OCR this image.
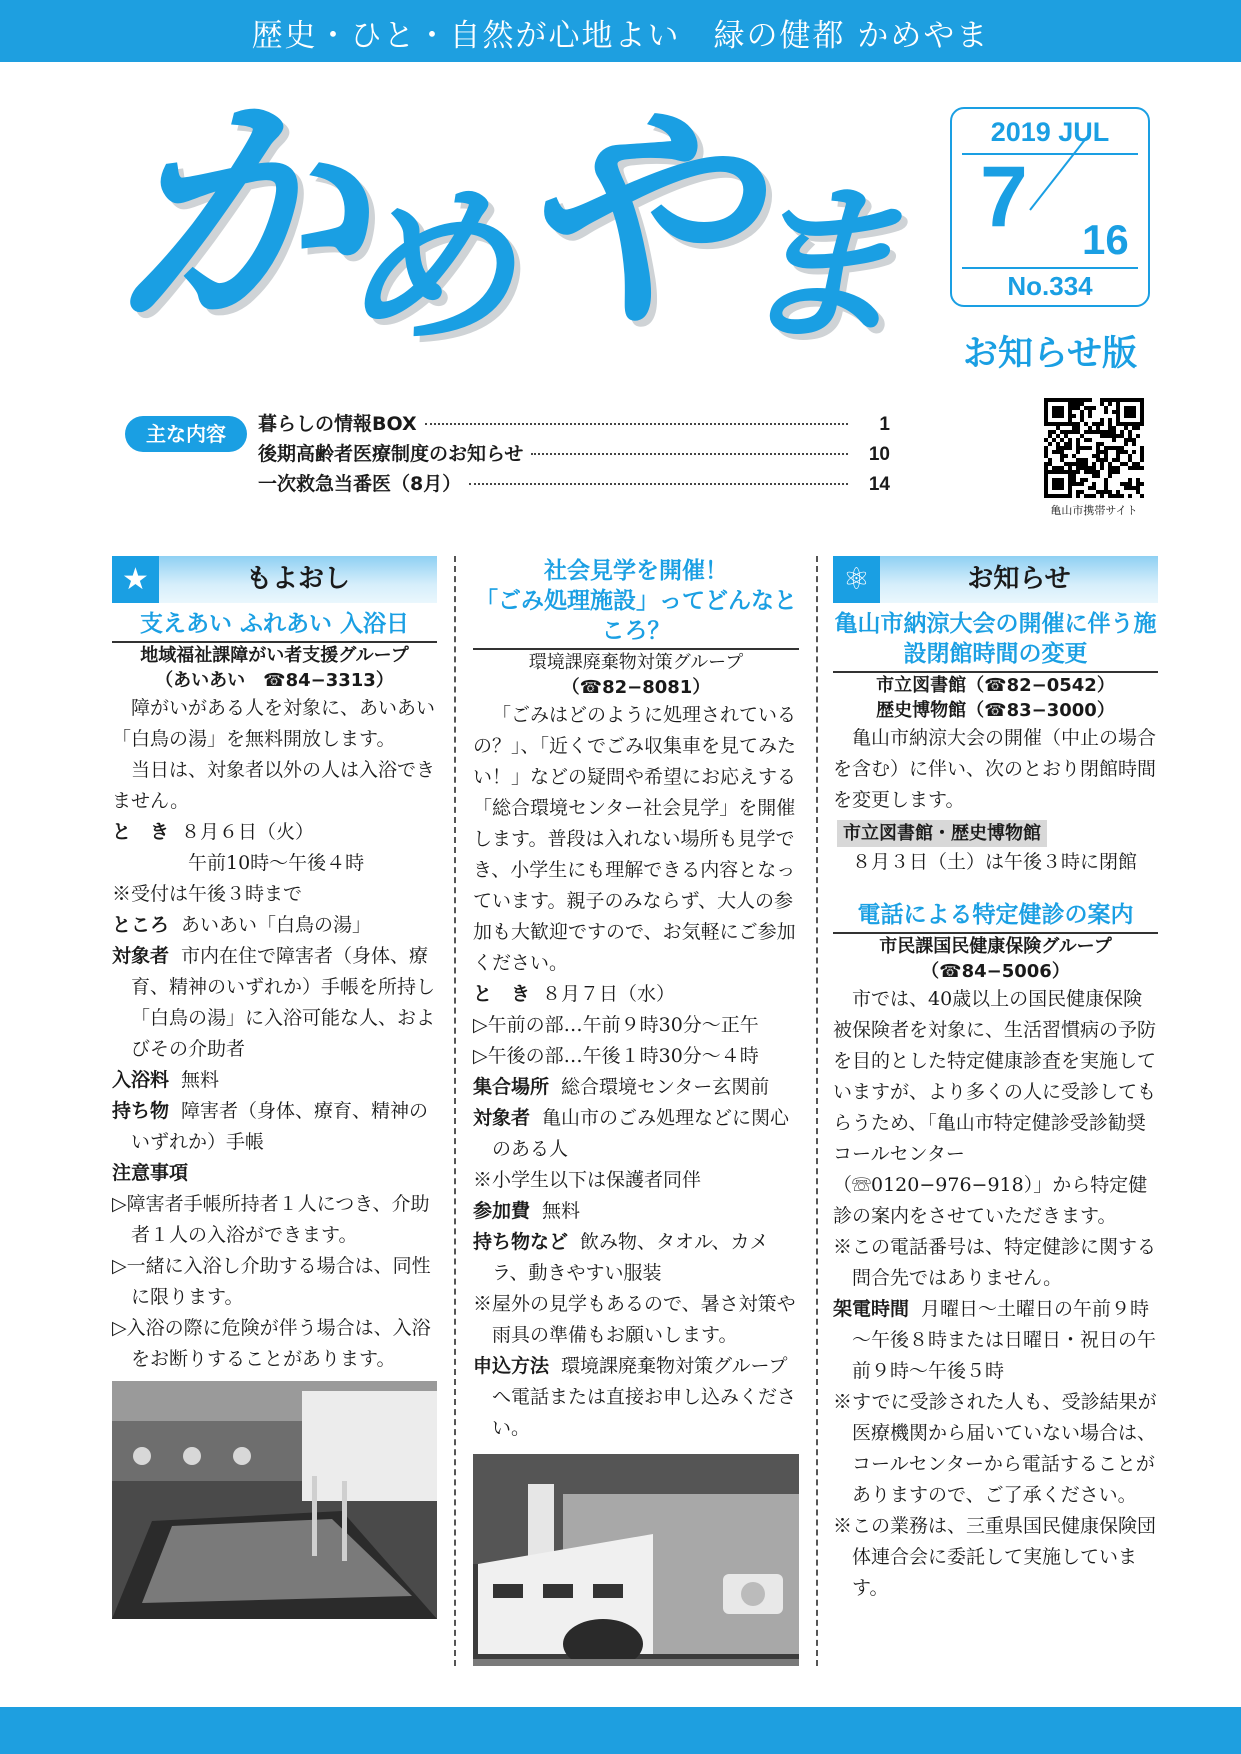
歴史・ひと・自然が心地よい　緑の健都 かめやま
か
め
や
ま
2019 JUL
7 16
No.334
お知らせ版
主な内容	暮らしの情報BOX	1
後期高齢者医療制度のお知らせ	10
一次救急当番医（8月）	14
亀山市携帯サイト
★	もよおし
支えあい ふれあい 入浴日
地域福祉課障がい者支援グループ
（あいあい　☎84−3313）

障がいがある人を対象に、あいあい「白鳥の湯」を無料開放します。

当日は、対象者以外の人は入浴できません。

と　き ８月６日（火）
　　　　午前10時～午後４時
※受付は午後３時まで
ところ あいあい「白鳥の湯」
対象者 市内在住で障害者（身体、療育、精神のいずれか）手帳を所持し「白鳥の湯」に入浴可能な人、およびその介助者
入浴料 無料
持ち物 障害者（身体、療育、精神のいずれか）手帳
注意事項
▷障害者手帳所持者１人につき、介助者１人の入浴ができます。
▷一緒に入浴し介助する場合は、同性に限ります。
▷入浴の際に危険が伴う場合は、入浴をお断りすることがあります。
社会見学を開催！
「ごみ処理施設」ってどんなところ？
環境課廃棄物対策グループ
（☎82−8081）

「ごみはどのように処理されているの？」、「近くでごみ収集車を見てみたい！」などの疑問や希望にお応えする「総合環境センター社会見学」を開催します。普段は入れない場所も見学でき、小学生にも理解できる内容となっています。親子のみならず、大人の参加も大歓迎ですので、お気軽にご参加ください。

と　き ８月７日（水）
▷午前の部…午前９時30分～正午
▷午後の部…午後１時30分～４時
集合場所 総合環境センター玄関前
対象者 亀山市のごみ処理などに関心のある人
※小学生以下は保護者同伴
参加費 無料
持ち物など 飲み物、タオル、カメラ、動きやすい服装
※屋外の見学もあるので、暑さ対策や雨具の準備もお願いします。
申込方法 環境課廃棄物対策グループへ電話または直接お申し込みください。
⚛	お知らせ
亀山市納涼大会の開催に伴う施設閉館時間の変更
市立図書館（☎82−0542）
歴史博物館（☎83−3000）

亀山市納涼大会の開催（中止の場合を含む）に伴い、次のとおり閉館時間を変更します。

市立図書館・歴史博物館

８月３日（土）は午後３時に閉館

電話による特定健診の案内
市民課国民健康保険グループ
（☎84−5006）

市では、40歳以上の国民健康保険被保険者を対象に、生活習慣病の予防を目的とした特定健康診査を実施していますが、より多くの人に受診してもらうため、「亀山市特定健診受診勧奨コールセンター（☏0120−976−918）」から特定健診の案内をさせていただきます。

※この電話番号は、特定健診に関する問合先ではありません。
架電時間 月曜日～土曜日の午前９時～午後８時または日曜日・祝日の午前９時～午後５時
※すでに受診された人も、受診結果が医療機関から届いていない場合は、コールセンターから電話することがありますので、ご了承ください。
※この業務は、三重県国民健康保険団体連合会に委託して実施しています。
